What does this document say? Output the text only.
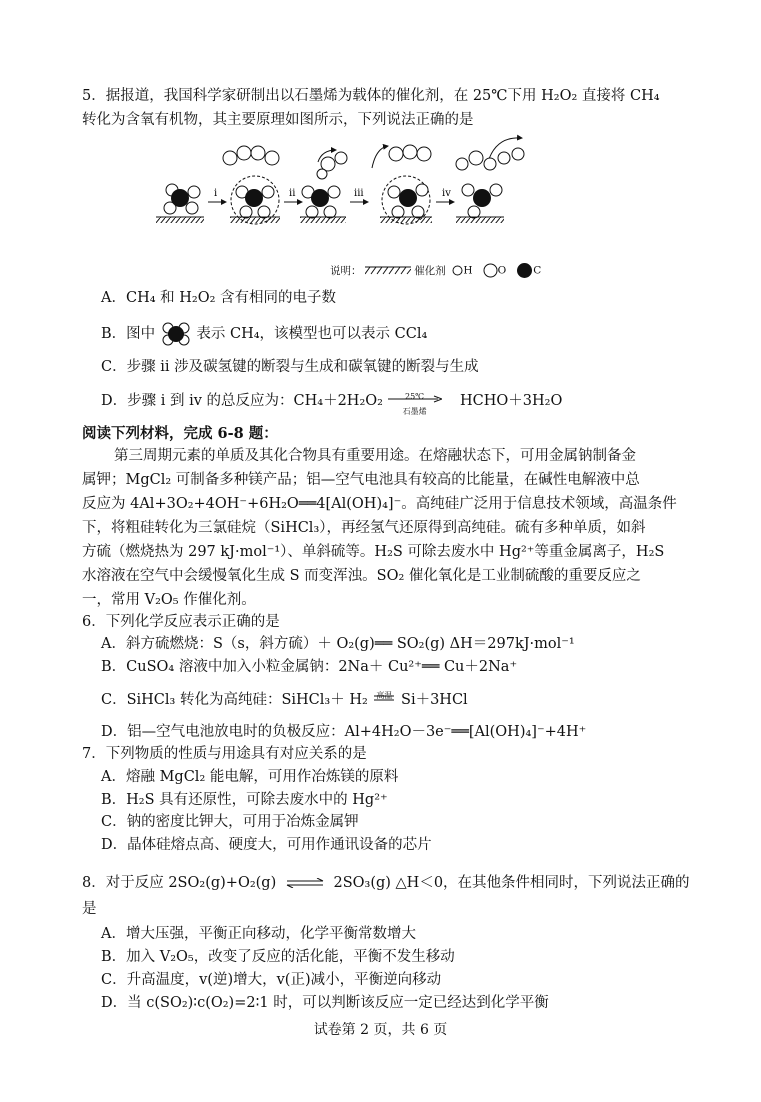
5．据报道，我国科学家研制出以石墨烯为载体的催化剂，在 25℃下用 H₂O₂ 直接将 CH₄
转化为含氧有机物，其主要原理如图所示，下列说法正确的是
i	ii	iii	iv
说明：	催化剂 H O	C
A．CH₄ 和 H₂O₂ 含有相同的电子数
B．图中	表示 CH₄，该模型也可以表示 CCl₄
C．步骤 ii 涉及碳氢键的断裂与生成和碳氧键的断裂与生成
D．步骤 i 到 iv 的总反应为：CH₄＋2H₂O₂	25℃
石墨烯
HCHO＋3H₂O
阅读下列材料，完成 6-8 题：
第三周期元素的单质及其化合物具有重要用途。在熔融状态下，可用金属钠制备金
属钾；MgCl₂ 可制备多种镁产品；铝—空气电池具有较高的比能量，在碱性电解液中总
反应为 4Al+3O₂+4OH⁻+6H₂O══4[Al(OH)₄]⁻。高纯硅广泛用于信息技术领域，高温条件
下，将粗硅转化为三氯硅烷（SiHCl₃），再经氢气还原得到高纯硅。硫有多种单质，如斜
方硫（燃烧热为 297 kJ·mol⁻¹）、单斜硫等。H₂S 可除去废水中 Hg²⁺等重金属离子，H₂S
水溶液在空气中会缓慢氧化生成 S 而变浑浊。SO₂ 催化氧化是工业制硫酸的重要反应之
一，常用 V₂O₅ 作催化剂。
6．下列化学反应表示正确的是
A．斜方硫燃烧：S（s，斜方硫）＋ O₂(g)══ SO₂(g) ΔH＝297kJ·mol⁻¹
B．CuSO₄ 溶液中加入小粒金属钠：2Na＋ Cu²⁺══ Cu＋2Na⁺
C．SiHCl₃ 转化为高纯硅：SiHCl₃＋ H₂	高温 Si＋3HCl
D．铝—空气电池放电时的负极反应：Al+4H₂O－3e⁻══[Al(OH)₄]⁻+4H⁺
7．下列物质的性质与用途具有对应关系的是
A．熔融 MgCl₂ 能电解，可用作冶炼镁的原料
B．H₂S 具有还原性，可除去废水中的 Hg²⁺
C．钠的密度比钾大，可用于冶炼金属钾
D．晶体硅熔点高、硬度大，可用作通讯设备的芯片
8．对于反应 2SO₂(g)+O₂(g) ⇌ 2SO₃(g) △H＜0，在其他条件相同时，下列说法正确的
是
A．增大压强，平衡正向移动，化学平衡常数增大
B．加入 V₂O₅，改变了反应的活化能，平衡不发生移动
C．升高温度，v(逆)增大，v(正)减小，平衡逆向移动
D．当 c(SO₂)∶c(O₂)=2∶1 时，可以判断该反应一定已经达到化学平衡
试卷第 2 页，共 6 页
